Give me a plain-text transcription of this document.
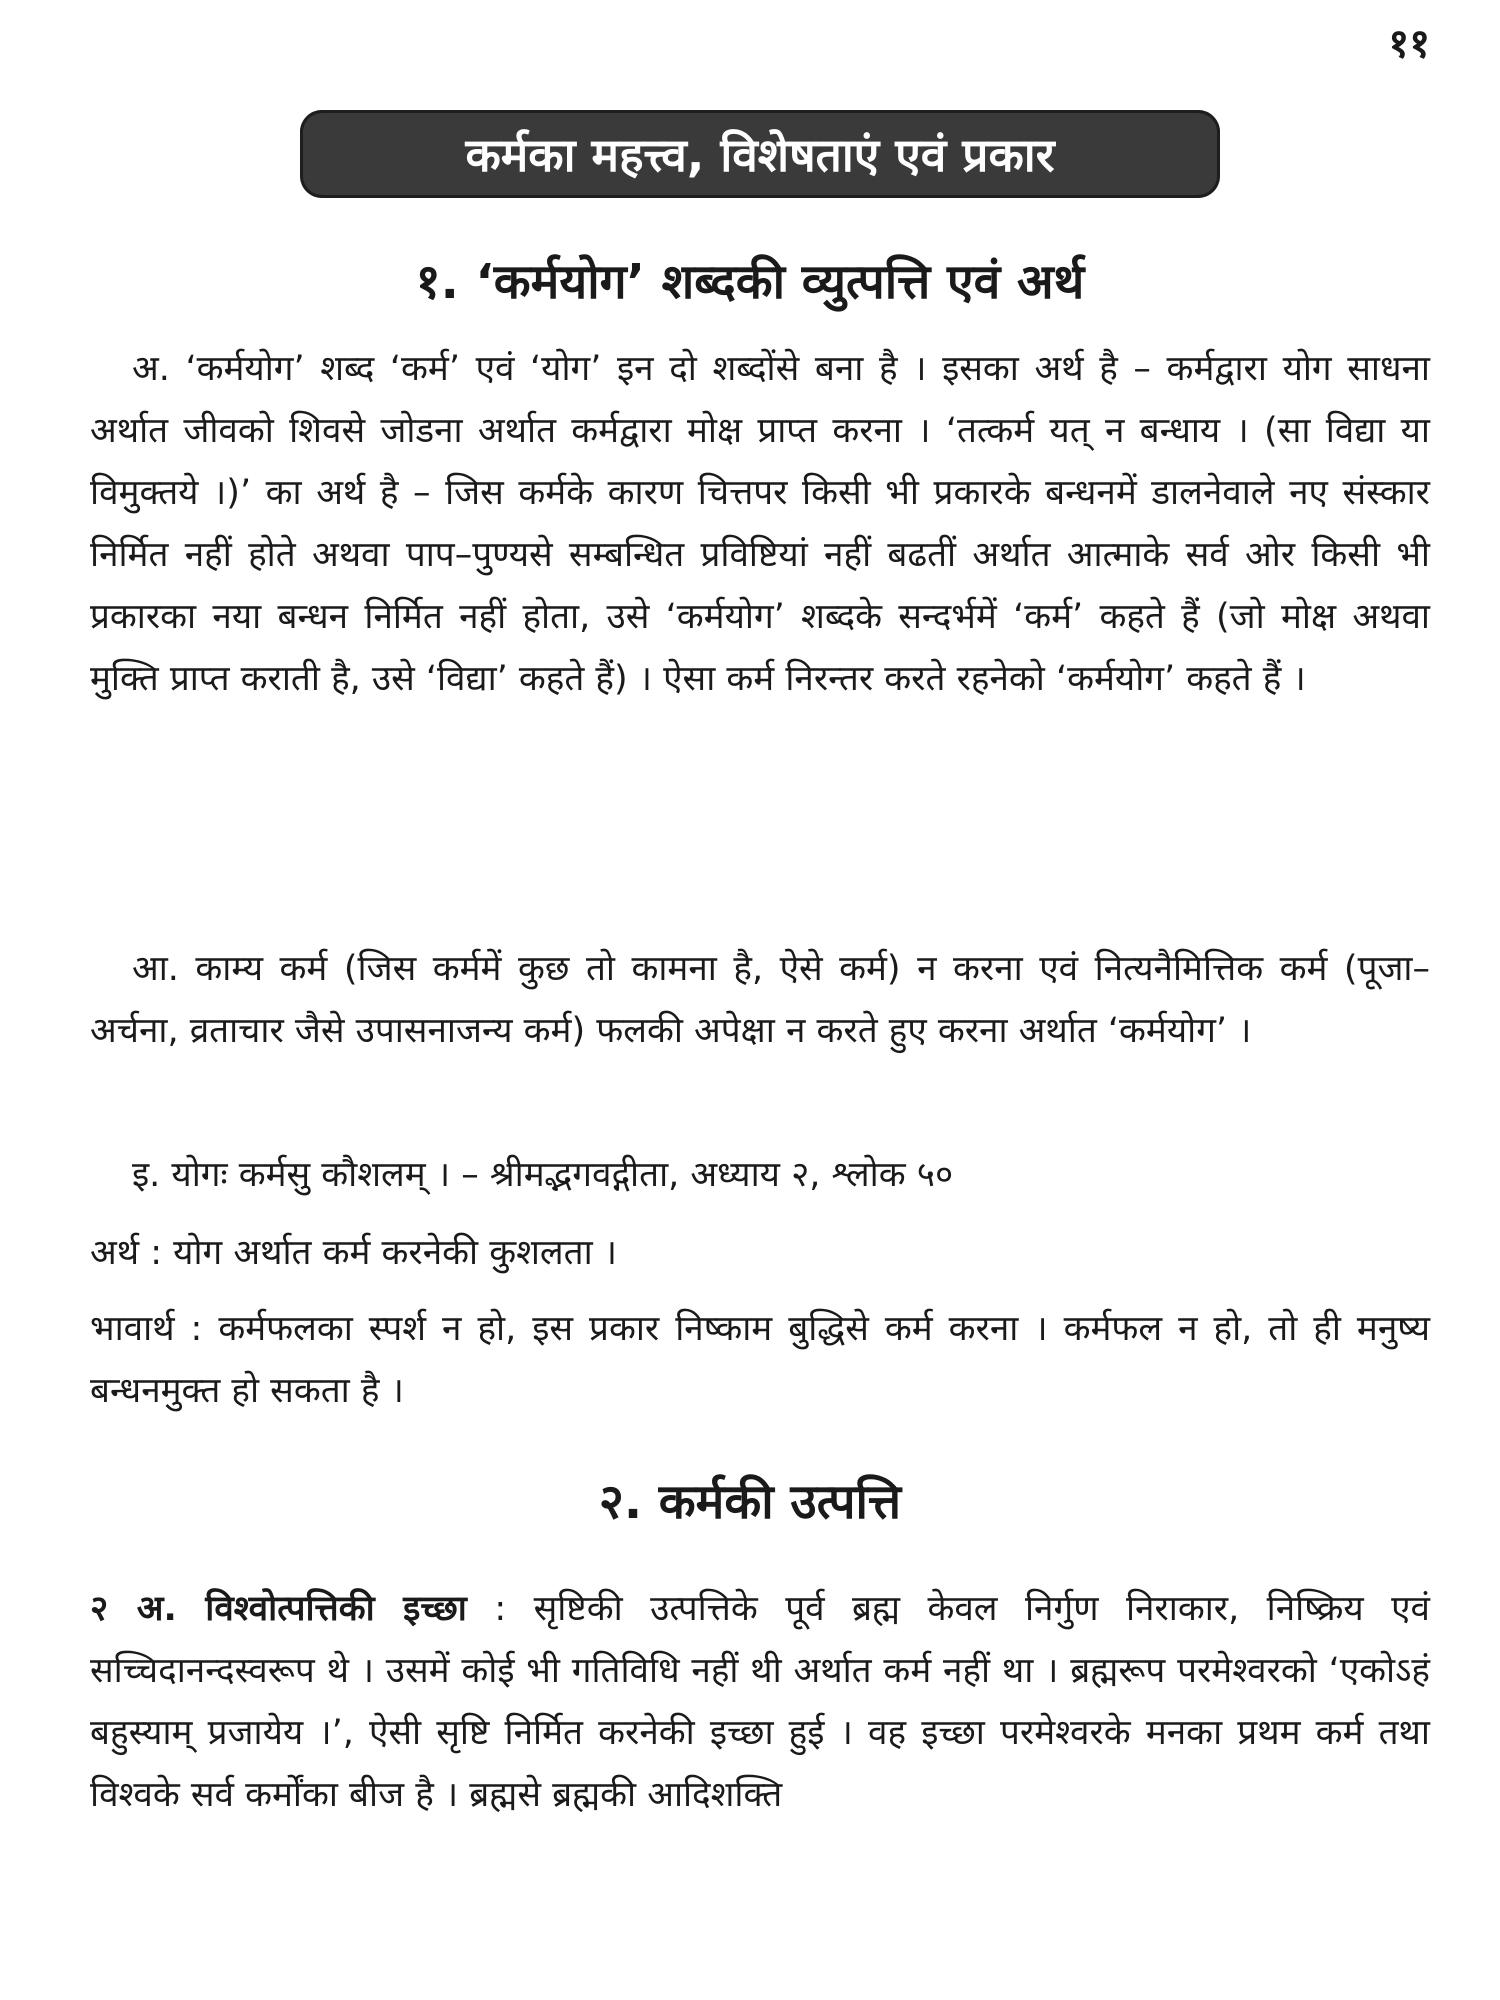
११
कर्मका महत्त्व, विशेषताएं एवं प्रकार
१. ‘कर्मयोग’ शब्दकी व्युत्पत्ति एवं अर्थ
अ. ‘कर्मयोग’ शब्द ‘कर्म’ एवं ‘योग’ इन दो शब्दोंसे बना है । इसका अर्थ है – कर्मद्वारा योग साधना अर्थात जीवको शिवसे जोडना अर्थात कर्मद्वारा मोक्ष प्राप्त करना । ‘तत्कर्म यत् न बन्धाय । (सा विद्या या विमुक्तये ।)’ का अर्थ है – जिस कर्मके कारण चित्तपर किसी भी प्रकारके बन्धनमें डालनेवाले नए संस्कार निर्मित नहीं होते अथवा पाप–पुण्यसे सम्बन्धित प्रविष्टियां नहीं बढतीं अर्थात आत्माके सर्व ओर किसी भी प्रकारका नया बन्धन निर्मित नहीं होता, उसे ‘कर्मयोग’ शब्दके सन्दर्भमें ‘कर्म’ कहते हैं (जो मोक्ष अथवा मुक्ति प्राप्त कराती है, उसे ‘विद्या’ कहते हैं) । ऐसा कर्म निरन्तर करते रहनेको ‘कर्मयोग’ कहते हैं ।
आ. काम्य कर्म (जिस कर्ममें कुछ तो कामना है, ऐसे कर्म) न करना एवं नित्यनैमित्तिक कर्म (पूजा–अर्चना, व्रताचार जैसे उपासनाजन्य कर्म) फलकी अपेक्षा न करते हुए करना अर्थात ‘कर्मयोग’ ।
इ. योगः कर्मसु कौशलम् । – श्रीमद्भगवद्गीता, अध्याय २, श्लोक ५०
अर्थ : योग अर्थात कर्म करनेकी कुशलता ।
भावार्थ : कर्मफलका स्पर्श न हो, इस प्रकार निष्काम बुद्धिसे कर्म करना । कर्मफल न हो, तो ही मनुष्य बन्धनमुक्त हो सकता है ।
२. कर्मकी उत्पत्ति
२ अ. विश्वोत्पत्तिकी इच्छा : सृष्टिकी उत्पत्तिके पूर्व ब्रह्म केवल निर्गुण निराकार, निष्क्रिय एवं सच्चिदानन्दस्वरूप थे । उसमें कोई भी गतिविधि नहीं थी अर्थात कर्म नहीं था । ब्रह्मरूप परमेश्वरको ‘एकोऽहं बहुस्याम् प्रजायेय ।’, ऐसी सृष्टि निर्मित करनेकी इच्छा हुई । वह इच्छा परमेश्वरके मनका प्रथम कर्म तथा विश्वके सर्व कर्मोंका बीज है । ब्रह्मसे ब्रह्मकी आदिशक्ति
